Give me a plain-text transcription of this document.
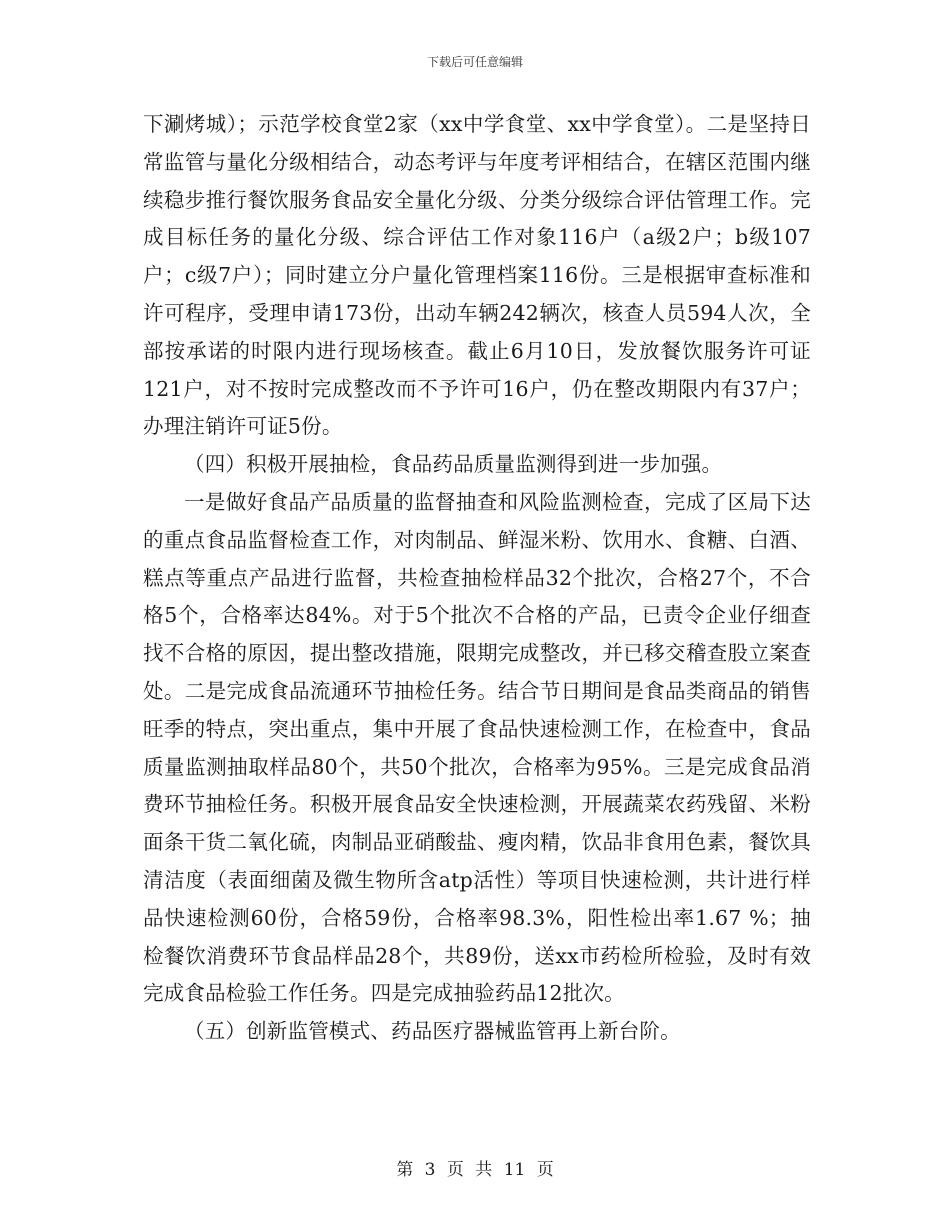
下载后可任意编辑

下涮烤城）；示范学校食堂2家（xx中学食堂、xx中学食堂）。二是坚持日常监管与量化分级相结合，动态考评与年度考评相结合，在辖区范围内继续稳步推行餐饮服务食品安全量化分级、分类分级综合评估管理工作。完成目标任务的量化分级、综合评估工作对象116户（a级2户；b级107户；c级7户）；同时建立分户量化管理档案116份。三是根据审查标准和许可程序，受理申请173份，出动车辆242辆次，核查人员594人次，全部按承诺的时限内进行现场核查。截止6月10日，发放餐饮服务许可证121户，对不按时完成整改而不予许可16户，仍在整改期限内有37户；办理注销许可证5份。

（四）积极开展抽检，食品药品质量监测得到进一步加强。

一是做好食品产品质量的监督抽查和风险监测检查，完成了区局下达的重点食品监督检查工作，对肉制品、鲜湿米粉、饮用水、食糖、白酒、糕点等重点产品进行监督，共检查抽检样品32个批次，合格27个，不合格5个，合格率达84%。对于5个批次不合格的产品，已责令企业仔细查找不合格的原因，提出整改措施，限期完成整改，并已移交稽查股立案查处。二是完成食品流通环节抽检任务。结合节日期间是食品类商品的销售旺季的特点，突出重点，集中开展了食品快速检测工作，在检查中，食品质量监测抽取样品80个，共50个批次，合格率为95%。三是完成食品消费环节抽检任务。积极开展食品安全快速检测，开展蔬菜农药残留、米粉面条干货二氧化硫，肉制品亚硝酸盐、瘦肉精，饮品非食用色素，餐饮具清洁度（表面细菌及微生物所含atp活性）等项目快速检测，共计进行样品快速检测60份，合格59份，合格率98.3%，阳性检出率1.67 %；抽检餐饮消费环节食品样品28个，共89份，送xx市药检所检验，及时有效完成食品检验工作任务。四是完成抽验药品12批次。

（五）创新监管模式、药品医疗器械监管再上新台阶。

第 3 页 共 11 页
